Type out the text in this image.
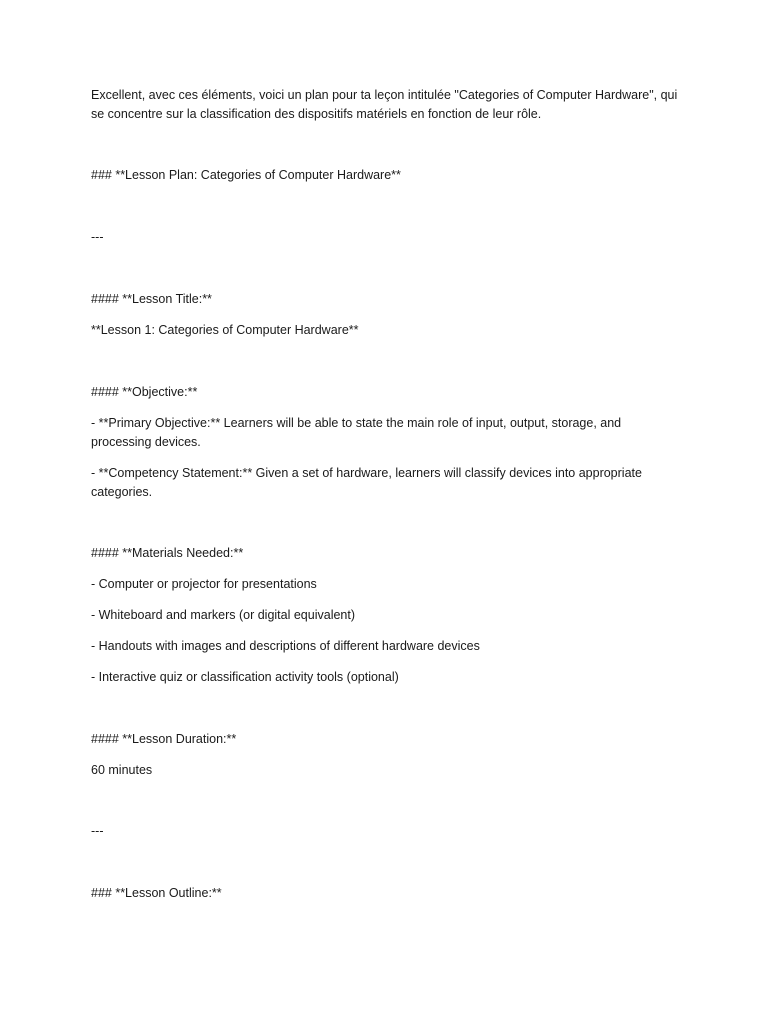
Excellent, avec ces éléments, voici un plan pour ta leçon intitulée "Categories of Computer Hardware", qui se concentre sur la classification des dispositifs matériels en fonction de leur rôle.

### **Lesson Plan: Categories of Computer Hardware**

---

#### **Lesson Title:**

**Lesson 1: Categories of Computer Hardware**

#### **Objective:**

- **Primary Objective:** Learners will be able to state the main role of input, output, storage, and processing devices.

- **Competency Statement:** Given a set of hardware, learners will classify devices into appropriate categories.

#### **Materials Needed:**

- Computer or projector for presentations

- Whiteboard and markers (or digital equivalent)

- Handouts with images and descriptions of different hardware devices

- Interactive quiz or classification activity tools (optional)

#### **Lesson Duration:**

60 minutes

---

### **Lesson Outline:**
